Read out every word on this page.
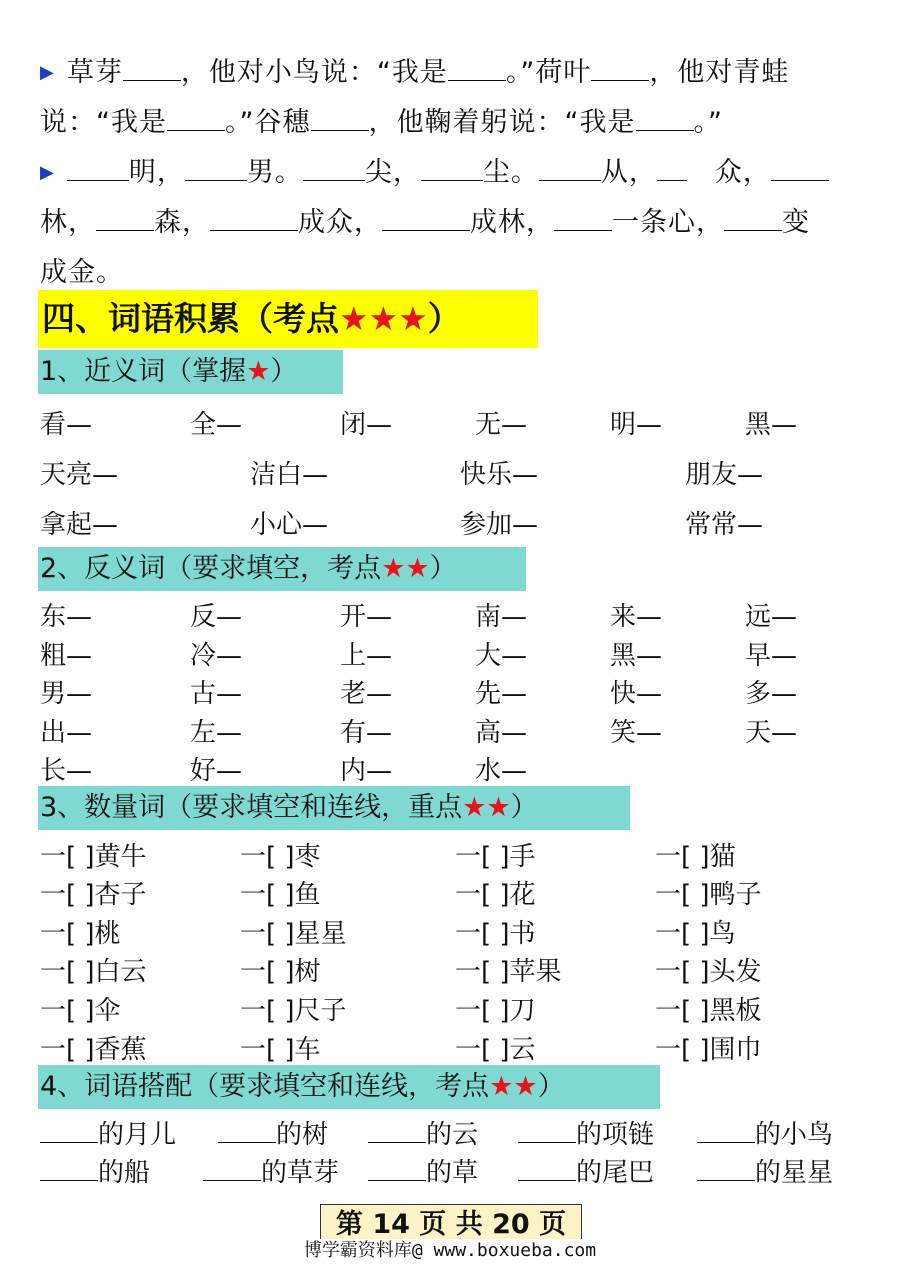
▶ 草芽 ，他对小鸟说：“我是 。”荷叶 ，他对青蛙
说：“我是 。”谷穗 ，他鞠着躬说：“我是 。”
▶	明， 男。 尖， 尘。 从， 众，
林， 森，	成众，	成林， 一条心， 变
成金。
四、词语积累（考点★★★）
1、近义词（掌握★）
看—	全—	闭—	无—	明—	黑—
天亮—	洁白—	快乐—	朋友—
拿起—	小心—	参加—	常常—
2、反义词（要求填空，考点★★）
东—	反—	开—	南—	来—	远—
粗—	冷—	上—	大—	黑—	早—
男—	古—	老—	先—	快—	多—
出—	左—	有—	高—	笑—	天—
长—	好—	内—	水—
3、数量词（要求填空和连线，重点★★）
一[ ]黄牛	一[ ]枣	一[ ]手	一[ ]猫
一[ ]杏子	一[ ]鱼	一[ ]花	一[ ]鸭子
一[ ]桃	一[ ]星星	一[ ]书	一[ ]鸟
一[ ]白云	一[ ]树	一[ ]苹果	一[ ]头发
一[ ]伞	一[ ]尺子	一[ ]刀	一[ ]黑板
一[ ]香蕉	一[ ]车	一[ ]云	一[ ]围巾
4、词语搭配（要求填空和连线，考点★★）
的月儿	的树	的云	的项链	的小鸟
的船	的草芽	的草	的尾巴	的星星
第 14 页 共 20 页
博学霸资料库@ www.boxueba.com
